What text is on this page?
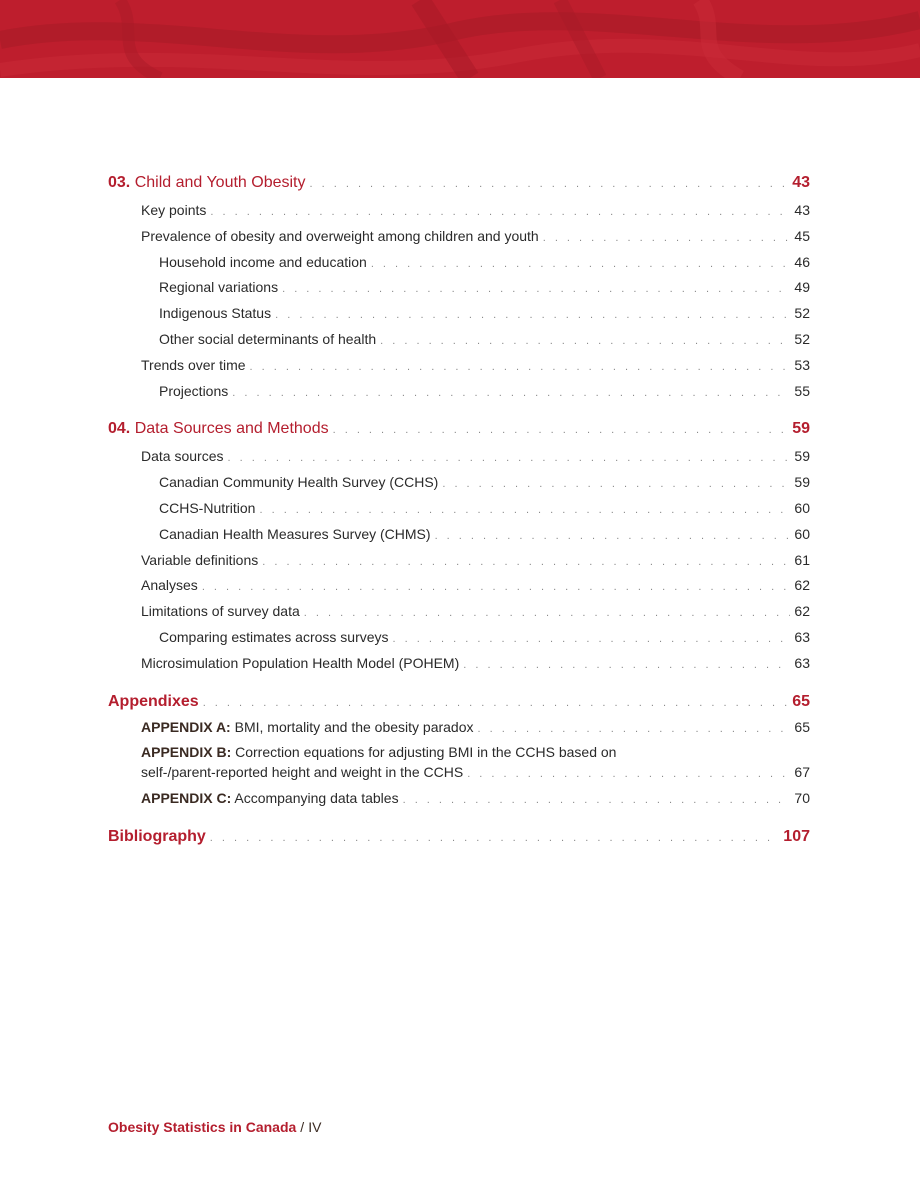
03. Child and Youth Obesity . . .	43
Key points . . .	43
Prevalence of obesity and overweight among children and youth . . .	45
Household income and education . . .	46
Regional variations . . .	49
Indigenous Status . . .	52
Other social determinants of health . . .	52
Trends over time . . .	53
Projections . . .	55
04. Data Sources and Methods . . .	59
Data sources . . .	59
Canadian Community Health Survey (CCHS) . . .	59
CCHS-Nutrition . . .	60
Canadian Health Measures Survey (CHMS) . . .	60
Variable definitions . . .	61
Analyses . . .	62
Limitations of survey data . . .	62
Comparing estimates across surveys . . .	63
Microsimulation Population Health Model (POHEM) . . .	63
Appendixes . . .	65
APPENDIX A: BMI, mortality and the obesity paradox . . .	65
APPENDIX B: Correction equations for adjusting BMI in the CCHS based on
self-/parent-reported height and weight in the CCHS . . .	67
APPENDIX C: Accompanying data tables . . .	70
Bibliography . . .	107
Obesity Statistics in Canada / IV
